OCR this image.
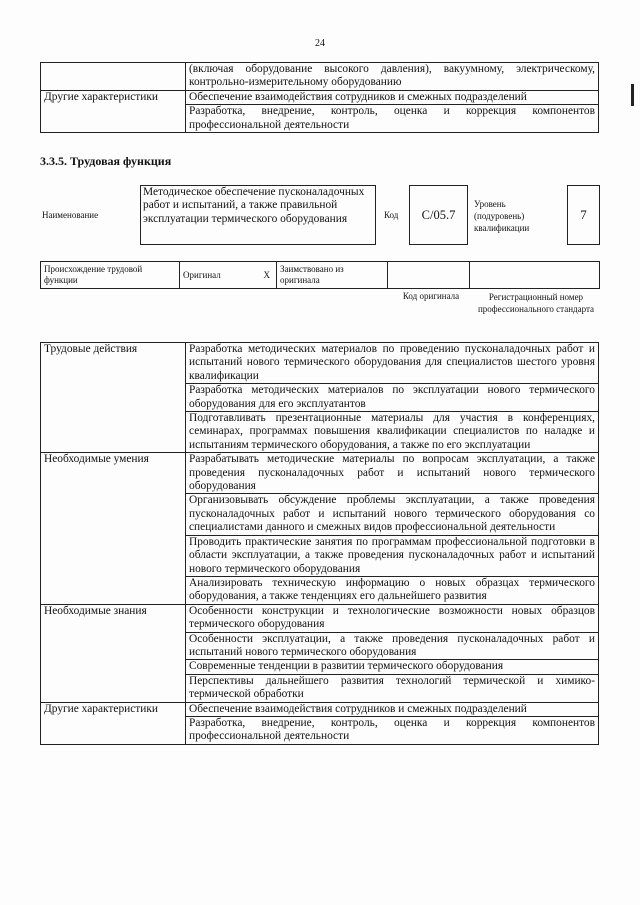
24
	(включая оборудование высокого давления), вакуумному, электрическому, контрольно-измерительному оборудованию
Другие характеристики	Обеспечение взаимодействия сотрудников и смежных подразделений
	Разработка, внедрение, контроль, оценка и коррекция компонентов профессиональной деятельности
3.3.5. Трудовая функция
Наименование
Методическое обеспечение пусконаладочных работ и испытаний, а также правильной эксплуатации термического оборудования	Код C/05.7
Уровень (подуровень) квалификации
7
Происхождение трудовой функции	Оригинал	X	Заимствовано из оригинала		
Код оригинала	Регистрационный номер профессионального стандарта
Трудовые действия	Разработка методических материалов по проведению пусконаладочных работ и испытаний нового термического оборудования для специалистов шестого уровня квалификации
	Разработка методических материалов по эксплуатации нового термического оборудования для его эксплуатантов
	Подготавливать презентационные материалы для участия в конференциях, семинарах, программах повышения квалификации специалистов по наладке и испытаниям термического оборудования, а также по его эксплуатации
Необходимые умения	Разрабатывать методические материалы по вопросам эксплуатации, а также проведения пусконаладочных работ и испытаний нового термического оборудования
	Организовывать обсуждение проблемы эксплуатации, а также проведения пусконаладочных работ и испытаний нового термического оборудования со специалистами данного и смежных видов профессиональной деятельности
	Проводить практические занятия по программам профессиональной подготовки в области эксплуатации, а также проведения пусконаладочных работ и испытаний нового термического оборудования
	Анализировать техническую информацию о новых образцах термического оборудования, а также тенденциях его дальнейшего развития
Необходимые знания	Особенности конструкции и технологические возможности новых образцов термического оборудования
	Особенности эксплуатации, а также проведения пусконаладочных работ и испытаний нового термического оборудования
	Современные тенденции в развитии термического оборудования
	Перспективы дальнейшего развития технологий термической и химико-термической обработки
Другие характеристики	Обеспечение взаимодействия сотрудников и смежных подразделений
	Разработка, внедрение, контроль, оценка и коррекция компонентов профессиональной деятельности
